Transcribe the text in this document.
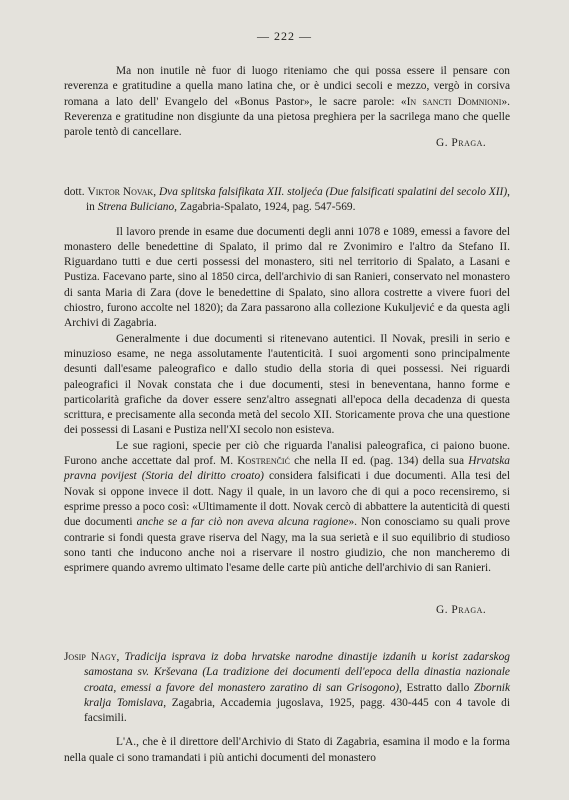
— 222 —

Ma non inutile nè fuor di luogo riteniamo che qui possa essere il pensare con reverenza e gratitudine a quella mano latina che, or è undici secoli e mezzo, vergò in corsiva romana a lato dell' Evangelo del «Bonus Pastor», le sacre parole: «In sancti Domnioni». Reverenza e gratitudine non disgiunte da una pietosa preghiera per la sacrilega mano che quelle parole tentò di cancellare.

G. Praga.

dott. Viktor Novak, Dva splitska falsifikata XII. stoljeća (Due falsificati spalatini del secolo XII), in Strena Buliciano, Zagabria-Spalato, 1924, pag. 547-569.

Il lavoro prende in esame due documenti degli anni 1078 e 1089, emessi a favore del monastero delle benedettine di Spalato, il primo dal re Zvonimiro e l'altro da Stefano II. Riguardano tutti e due certi possessi del monastero, siti nel territorio di Spalato, a Lasani e Pustiza. Facevano parte, sino al 1850 circa, dell'archivio di san Ranieri, conservato nel monastero di santa Maria di Zara (dove le benedettine di Spalato, sino allora costrette a vivere fuori del chiostro, furono accolte nel 1820); da Zara passarono alla collezione Kukuljević e da questa agli Archivi di Zagabria.

Generalmente i due documenti si ritenevano autentici. Il Novak, presili in serio e minuzioso esame, ne nega assolutamente l'autenticità. I suoi argomenti sono principalmente desunti dall'esame paleografico e dallo studio della storia di quei possessi. Nei riguardi paleografici il Novak constata che i due documenti, stesi in beneventana, hanno forme e particolarità grafiche da dover essere senz'altro assegnati all'epoca della decadenza di questa scrittura, e precisamente alla seconda metà del secolo XII. Storicamente prova che una questione dei possessi di Lasani e Pustiza nell'XI secolo non esisteva.

Le sue ragioni, specie per ciò che riguarda l'analisi paleografica, ci paiono buone. Furono anche accettate dal prof. M. Kostrenčić che nella II ed. (pag. 134) della sua Hrvatska pravna povijest (Storia del diritto croato) considera falsificati i due documenti. Alla tesi del Novak si oppone invece il dott. Nagy il quale, in un lavoro che di qui a poco recensiremo, si esprime presso a poco così: «Ultimamente il dott. Novak cercò di abbattere la autenticità di questi due documenti anche se a far ciò non aveva alcuna ragione». Non conosciamo su quali prove contrarie si fondi questa grave riserva del Nagy, ma la sua serietà e il suo equilibrio di studioso sono tanti che inducono anche noi a riservare il nostro giudizio, che non mancheremo di esprimere quando avremo ultimato l'esame delle carte più antiche dell'archivio di san Ranieri.

G. Praga.

Josip Nagy, Tradicija isprava iz doba hrvatske narodne dinastije izdanih u korist zadarskog samostana sv. Krševana (La tradizione dei documenti dell'epoca della dinastia nazionale croata, emessi a favore del monastero zaratino di san Grisogono), Estratto dallo Zbornik kralja Tomislava, Zagabria, Accademia jugoslava, 1925, pagg. 430-445 con 4 tavole di facsimili.

L'A., che è il direttore dell'Archivio di Stato di Zagabria, esamina il modo e la forma nella quale ci sono tramandati i più antichi documenti del monastero
